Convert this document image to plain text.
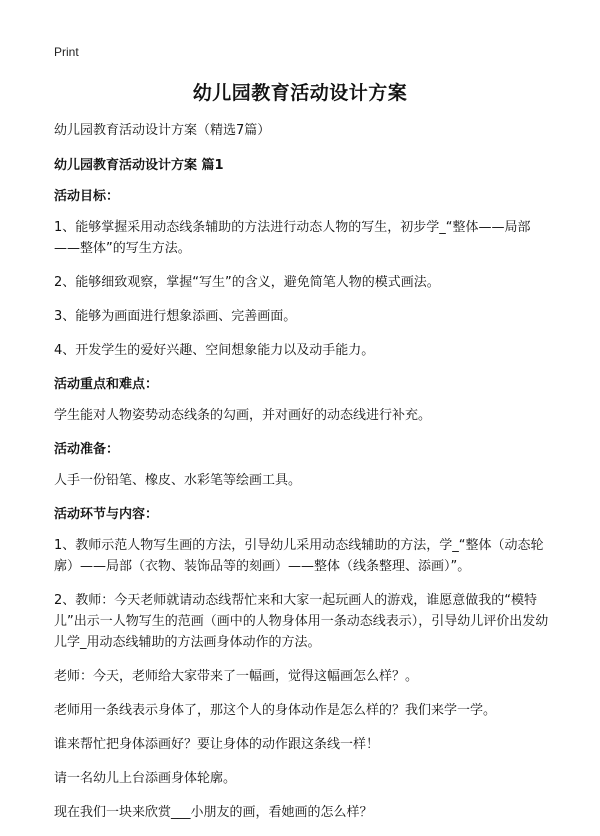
Print
幼儿园教育活动设计方案
幼儿园教育活动设计方案（精选7篇）
幼儿园教育活动设计方案 篇1
活动目标：
1、能够掌握采用动态线条辅助的方法进行动态人物的写生，初步学_“整体——局部——整体”的写生方法。
2、能够细致观察，掌握“写生”的含义，避免简笔人物的模式画法。
3、能够为画面进行想象添画、完善画面。
4、开发学生的爱好兴趣、空间想象能力以及动手能力。
活动重点和难点：
学生能对人物姿势动态线条的勾画，并对画好的动态线进行补充。
活动准备：
人手一份铅笔、橡皮、水彩笔等绘画工具。
活动环节与内容：
1、教师示范人物写生画的方法，引导幼儿采用动态线辅助的方法，学_“整体（动态轮廓）——局部（衣物、装饰品等的刻画）——整体（线条整理、添画）”。
2、教师：今天老师就请动态线帮忙来和大家一起玩画人的游戏，谁愿意做我的“模特儿”出示一人物写生的范画（画中的人物身体用一条动态线表示），引导幼儿评价出发幼儿学_用动态线辅助的方法画身体动作的方法。
老师：今天，老师给大家带来了一幅画，觉得这幅画怎么样？。
老师用一条线表示身体了，那这个人的身体动作是怎么样的？我们来学一学。
谁来帮忙把身体添画好？要让身体的动作跟这条线一样！
请一名幼儿上台添画身体轮廓。
现在我们一块来欣赏___小朋友的画，看她画的怎么样？
